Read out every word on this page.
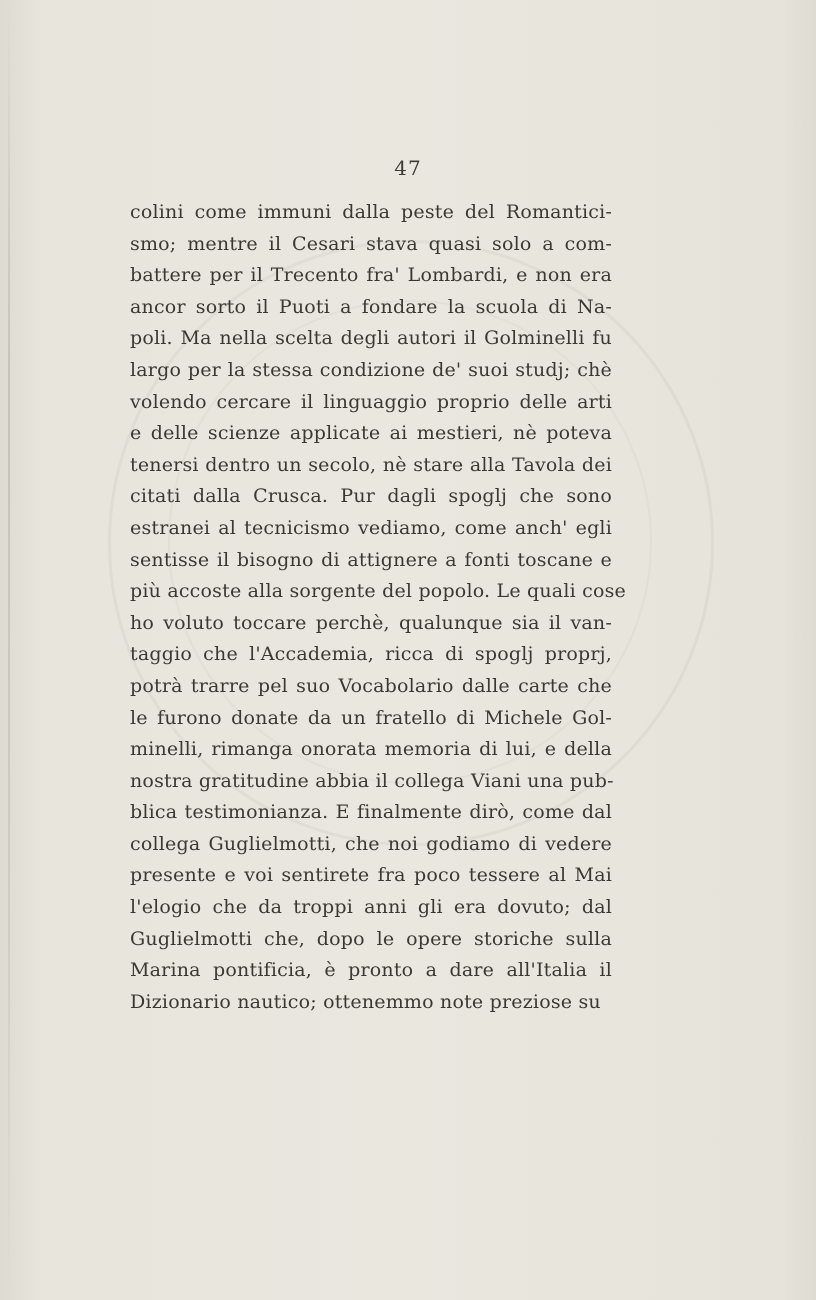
47
colini come immuni dalla peste del Romantici-
smo; mentre il Cesari stava quasi solo a com-
battere per il Trecento fra' Lombardi, e non era
ancor sorto il Puoti a fondare la scuola di Na-
poli. Ma nella scelta degli autori il Golminelli fu
largo per la stessa condizione de' suoi studj; chè
volendo cercare il linguaggio proprio delle arti
e delle scienze applicate ai mestieri, nè poteva
tenersi dentro un secolo, nè stare alla Tavola dei
citati dalla Crusca. Pur dagli spoglj che sono
estranei al tecnicismo vediamo, come anch' egli
sentisse il bisogno di attignere a fonti toscane e
più accoste alla sorgente del popolo. Le quali cose
ho voluto toccare perchè, qualunque sia il van-
taggio che l'Accademia, ricca di spoglj proprj,
potrà trarre pel suo Vocabolario dalle carte che
le furono donate da un fratello di Michele Gol-
minelli, rimanga onorata memoria di lui, e della
nostra gratitudine abbia il collega Viani una pub-
blica testimonianza. E finalmente dirò, come dal
collega Guglielmotti, che noi godiamo di vedere
presente e voi sentirete fra poco tessere al Mai
l'elogio che da troppi anni gli era dovuto; dal
Guglielmotti che, dopo le opere storiche sulla
Marina pontificia, è pronto a dare all'Italia il
Dizionario nautico; ottenemmo note preziose su
